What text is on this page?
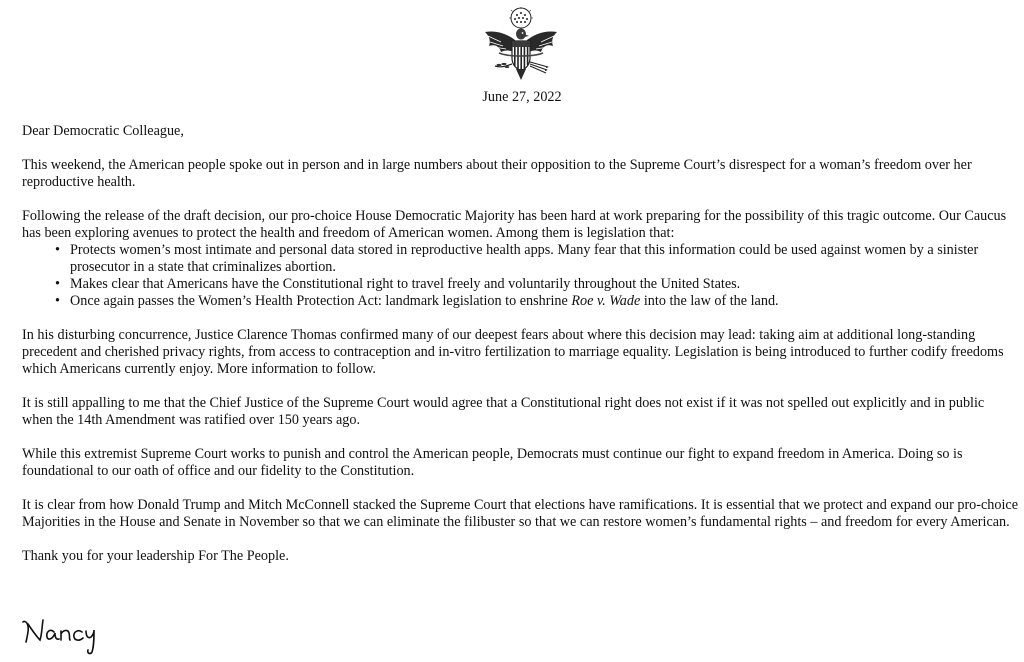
June 27, 2022

Dear Democratic Colleague,

This weekend, the American people spoke out in person and in large numbers about their opposition to the Supreme Court’s disrespect for a woman’s freedom over her reproductive health.

Following the release of the draft decision, our pro-choice House Democratic Majority has been hard at work preparing for the possibility of this tragic outcome. Our Caucus has been exploring avenues to protect the health and freedom of American women. Among them is legislation that:

• Protects women’s most intimate and personal data stored in reproductive health apps. Many fear that this information could be used against women by a sinister prosecutor in a state that criminalizes abortion.
• Makes clear that Americans have the Constitutional right to travel freely and voluntarily throughout the United States.
• Once again passes the Women’s Health Protection Act: landmark legislation to enshrine Roe v. Wade into the law of the land.

In his disturbing concurrence, Justice Clarence Thomas confirmed many of our deepest fears about where this decision may lead: taking aim at additional long-standing precedent and cherished privacy rights, from access to contraception and in-vitro fertilization to marriage equality. Legislation is being introduced to further codify freedoms which Americans currently enjoy. More information to follow.

It is still appalling to me that the Chief Justice of the Supreme Court would agree that a Constitutional right does not exist if it was not spelled out explicitly and in public when the 14th Amendment was ratified over 150 years ago.

While this extremist Supreme Court works to punish and control the American people, Democrats must continue our fight to expand freedom in America. Doing so is foundational to our oath of office and our fidelity to the Constitution.

It is clear from how Donald Trump and Mitch McConnell stacked the Supreme Court that elections have ramifications. It is essential that we protect and expand our pro-choice Majorities in the House and Senate in November so that we can eliminate the filibuster so that we can restore women’s fundamental rights – and freedom for every American.

Thank you for your leadership For The People.
